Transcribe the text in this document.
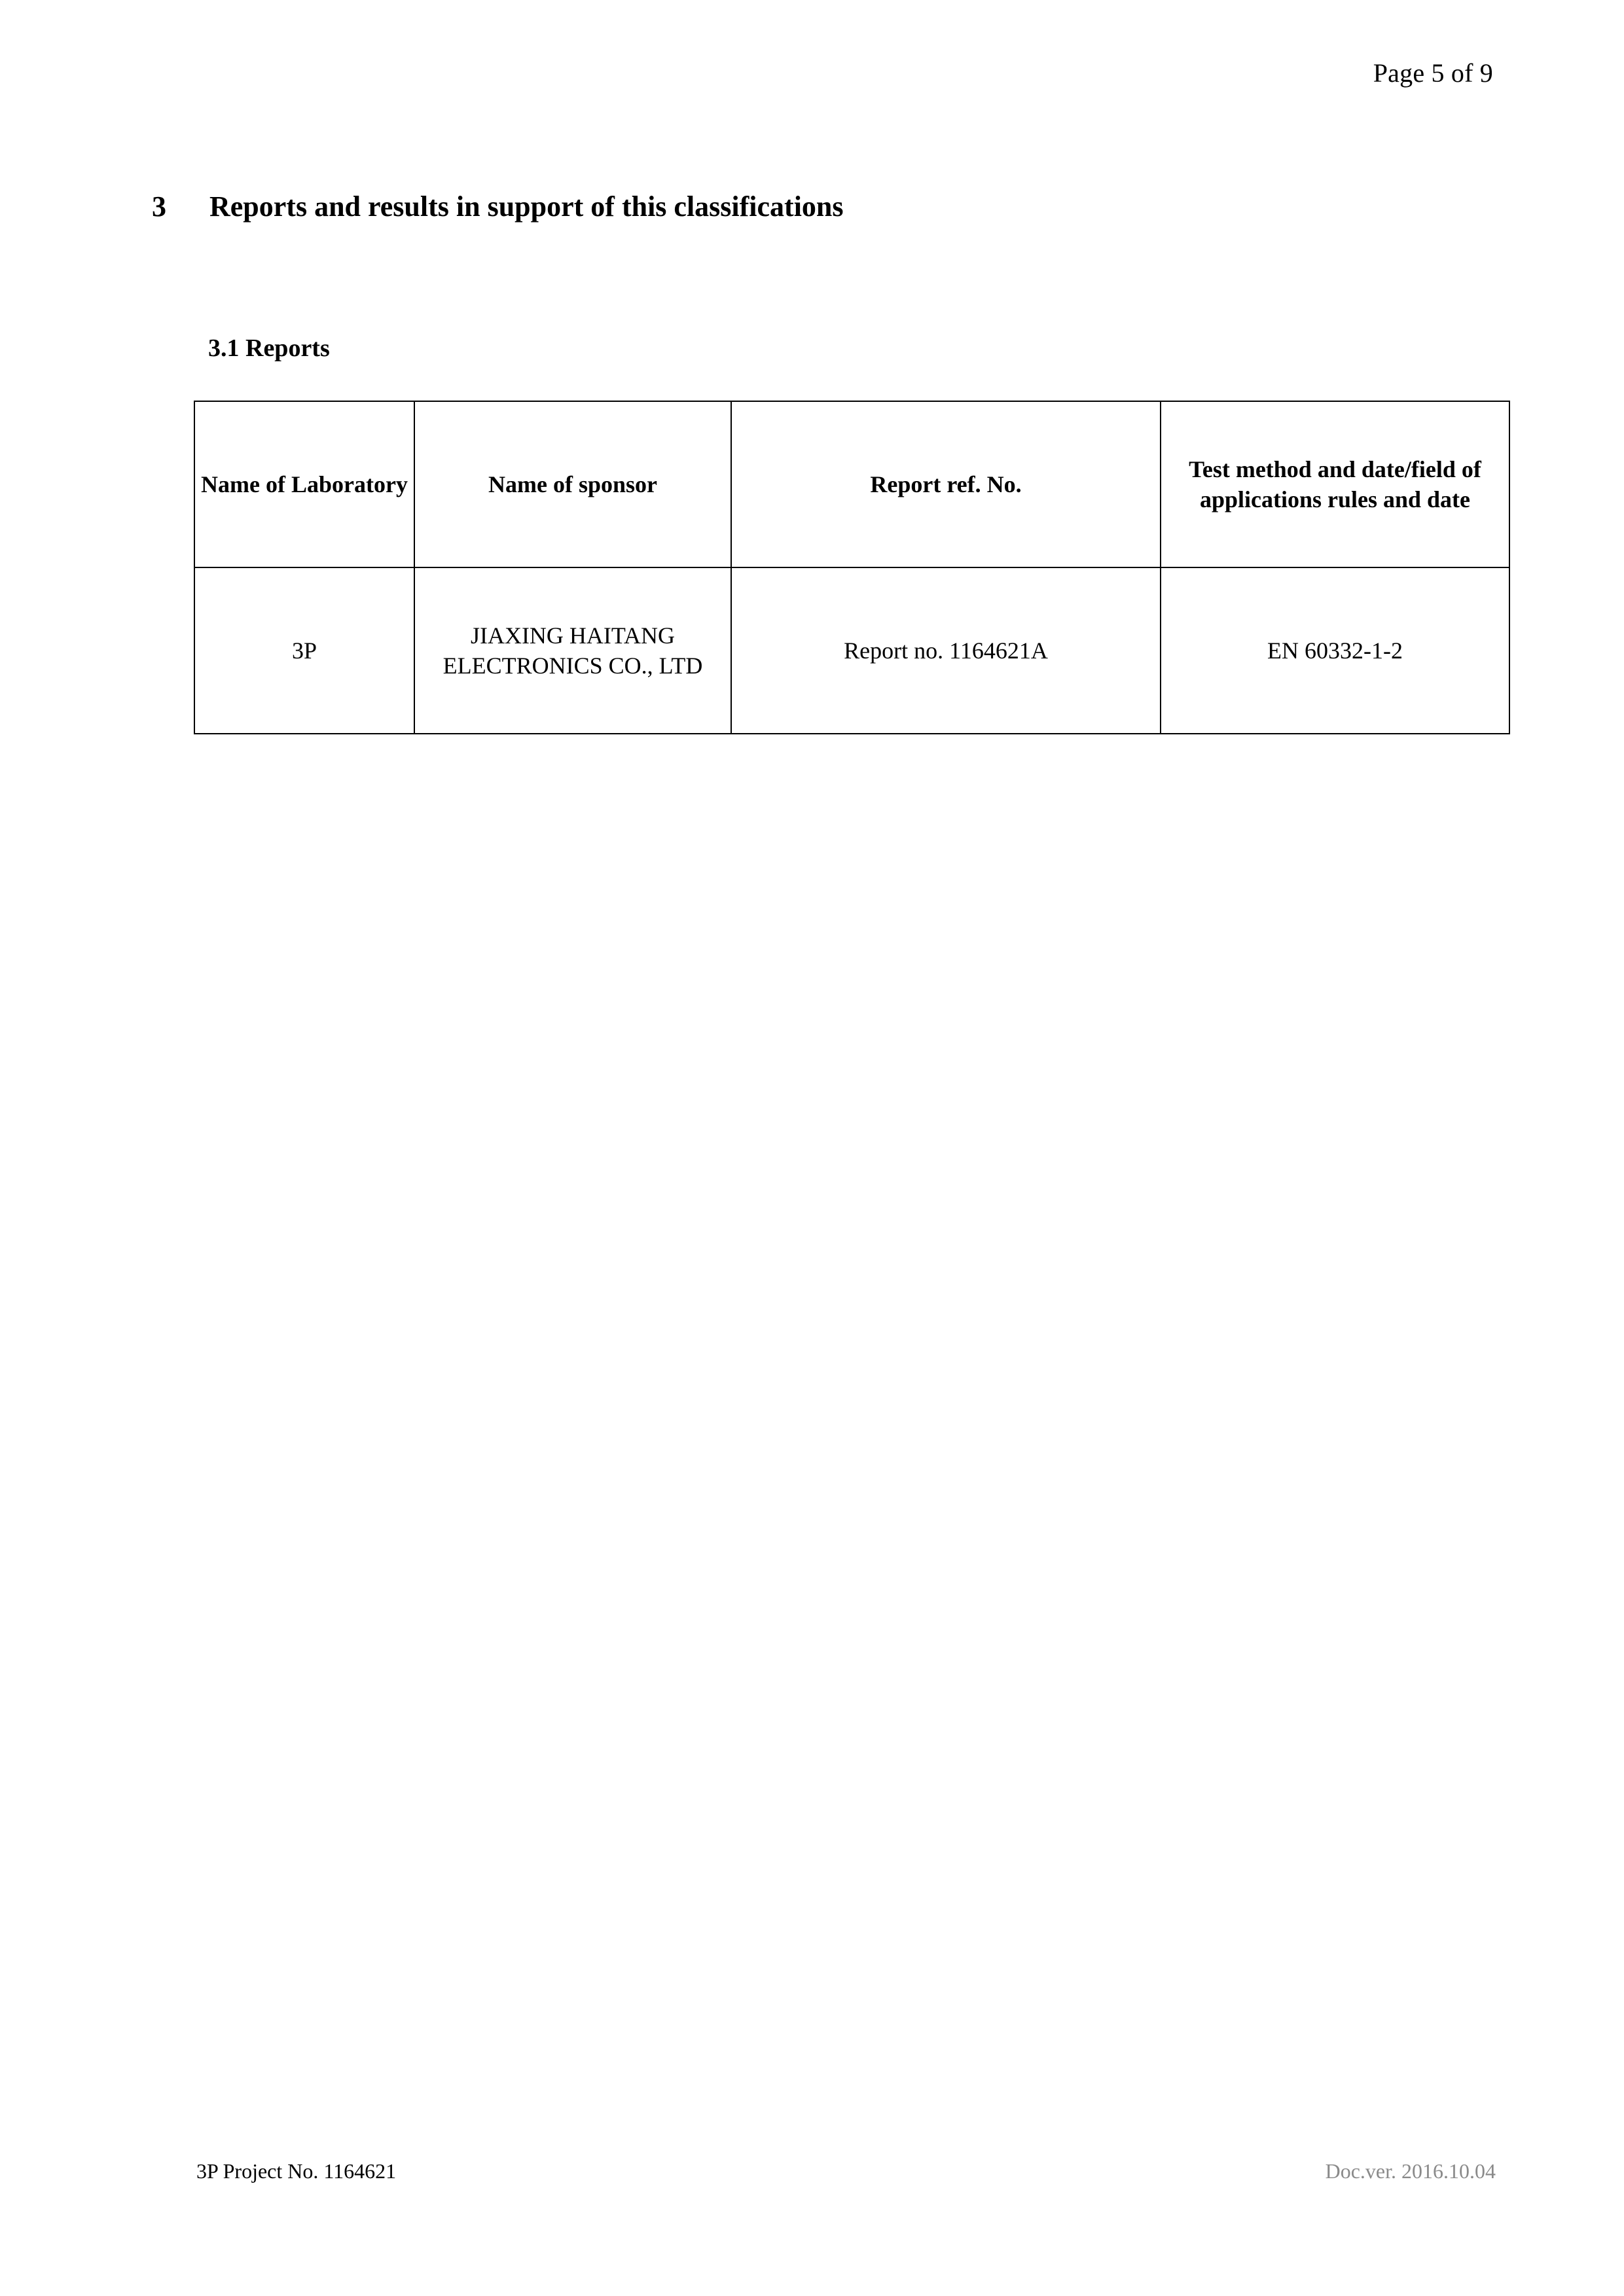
Page 5 of 9
3 Reports and results in support of this classifications
3.1 Reports
Name of Laboratory	Name of sponsor	Report ref. No.	Test method and date/field of applications rules and date
3P	JIAXING HAITANG ELECTRONICS CO., LTD	Report no. 1164621A	EN 60332-1-2
3P Project No. 1164621	Doc.ver. 2016.10.04
